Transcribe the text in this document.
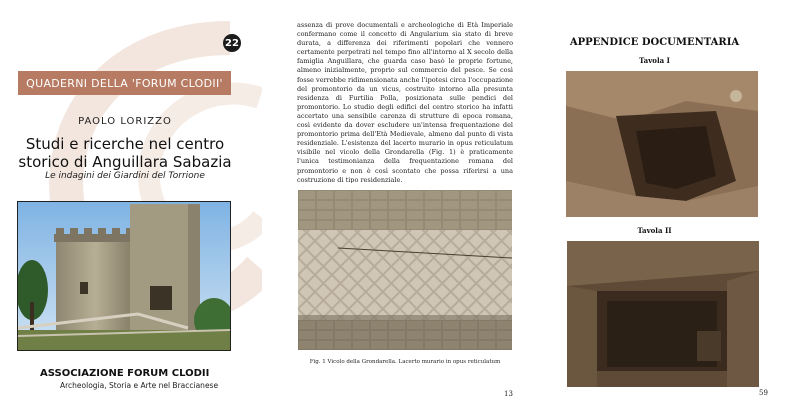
22
QUADERNI DELLA 'FORUM CLODII'
PAOLO LORIZZO
Studi e ricerche nel centro
storico di Anguillara Sabazia
Le indagini dei Giardini del Torrione
ASSOCIAZIONE FORUM CLODII
Archeologia, Storia e Arte nel Braccianese

assenza di prove documentali e archeologiche di Età Imperiale confermano come il concetto di Angularium sia stato di breve durata, a differenza dei riferimenti popolari che vennero certamente perpetrati nel tempo fino all'intorno al X secolo della famiglia Anguillara, che guarda caso basò le proprie fortune, almeno inizialmente, proprio sul commercio del pesce. Se così fosse verrebbe ridimensionata anche l'ipotesi circa l'occupazione del promontorio da un vicus, costruito intorno alla presunta residenza di Furtilia Polla, posizionata sulle pendici del promontorio. Lo studio degli edifici del centro storico ha infatti accertato una sensibile carenza di strutture di epoca romana, così evidente da dover escludere un'intensa frequentazione del promontorio prima dell'Età Medievale, almeno dal punto di vista residenziale. L'esistenza del lacerto murario in opus reticulatum visibile nel vicolo della Grondarella (Fig. 1) è praticamente l'unica testimonianza della frequentazione romana del promontorio e non è così scontato che possa riferirsi a una costruzione di tipo residenziale.

Fig. 1 Vicolo della Grondarella. Lacerto murario in opus reticulatum
13
APPENDICE DOCUMENTARIA
Tavola I
Tavola II
59
